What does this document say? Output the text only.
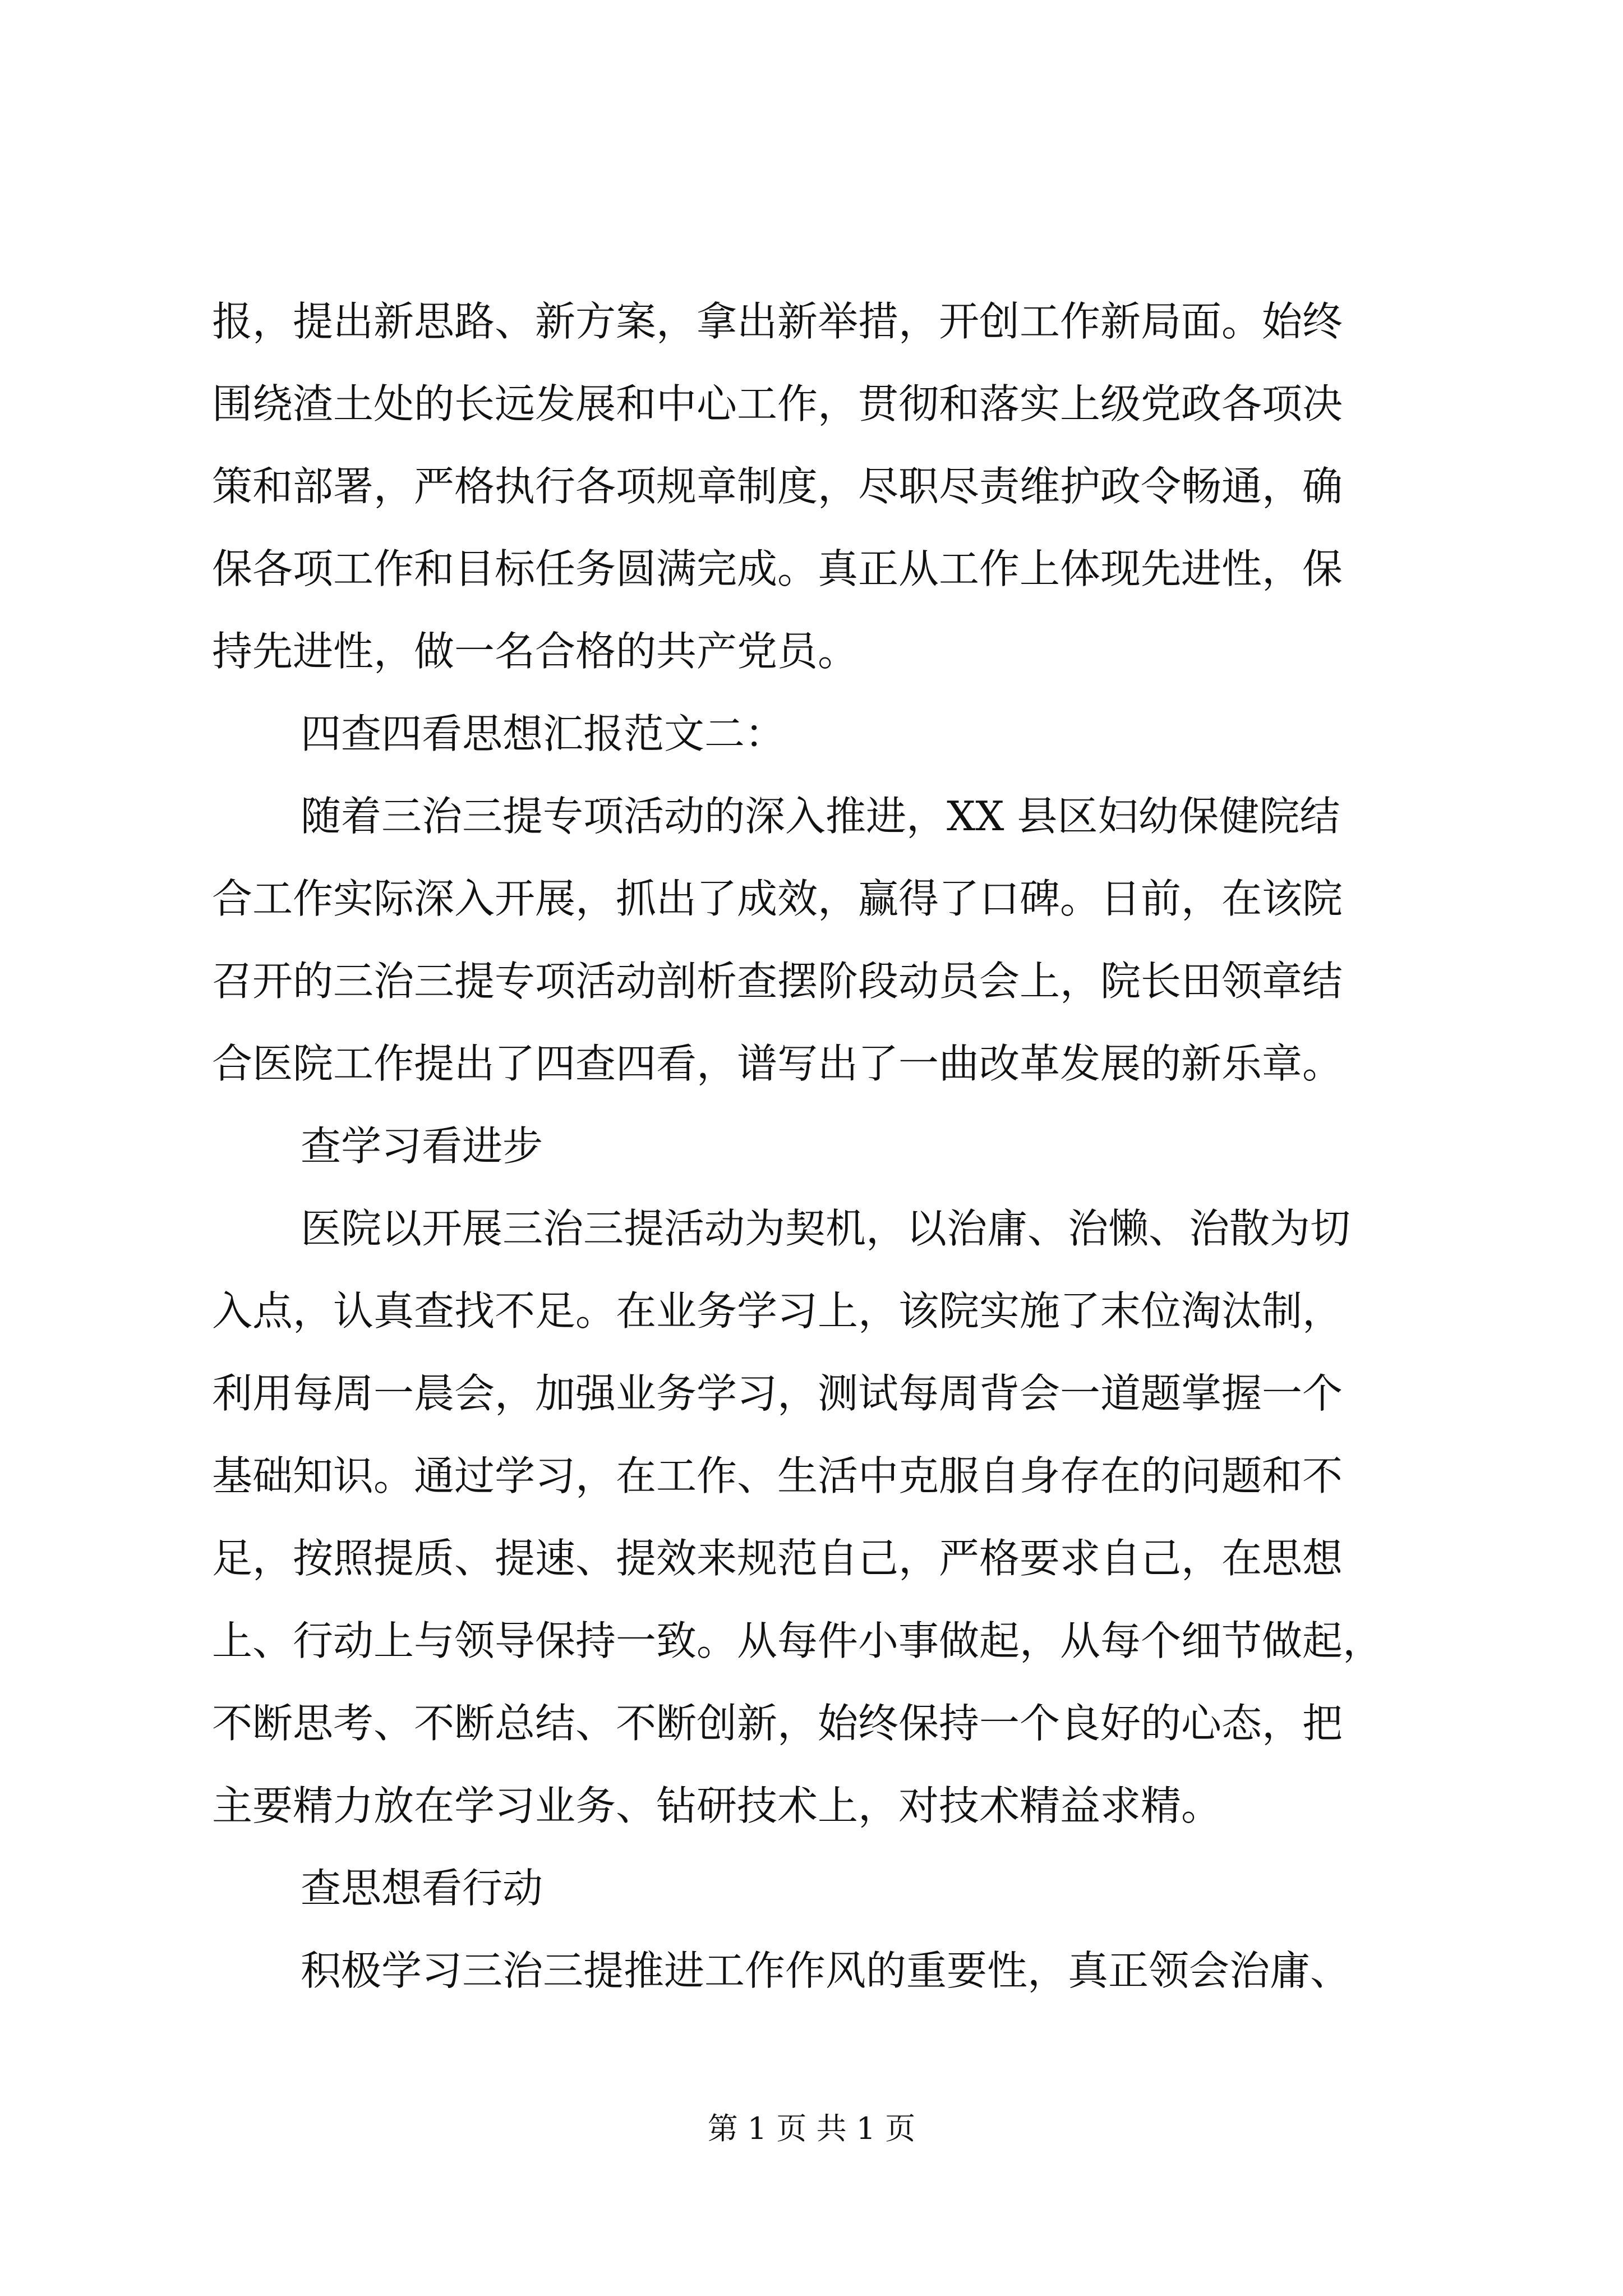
报，提出新思路、新方案，拿出新举措，开创工作新局面。始终
围绕渣土处的长远发展和中心工作，贯彻和落实上级党政各项决
策和部署，严格执行各项规章制度，尽职尽责维护政令畅通，确
保各项工作和目标任务圆满完成。真正从工作上体现先进性，保
持先进性，做一名合格的共产党员。
四查四看思想汇报范文二：
随着三治三提专项活动的深入推进，XX 县区妇幼保健院结
合工作实际深入开展，抓出了成效，赢得了口碑。日前，在该院
召开的三治三提专项活动剖析查摆阶段动员会上，院长田领章结
合医院工作提出了四查四看，谱写出了一曲改革发展的新乐章。
查学习看进步
医院以开展三治三提活动为契机，以治庸、治懒、治散为切
入点，认真查找不足。在业务学习上，该院实施了末位淘汰制，
利用每周一晨会，加强业务学习，测试每周背会一道题掌握一个
基础知识。通过学习，在工作、生活中克服自身存在的问题和不
足，按照提质、提速、提效来规范自己，严格要求自己，在思想
上、行动上与领导保持一致。从每件小事做起，从每个细节做起，
不断思考、不断总结、不断创新，始终保持一个良好的心态，把
主要精力放在学习业务、钻研技术上，对技术精益求精。
查思想看行动
积极学习三治三提推进工作作风的重要性，真正领会治庸、
第 1 页 共 1 页
